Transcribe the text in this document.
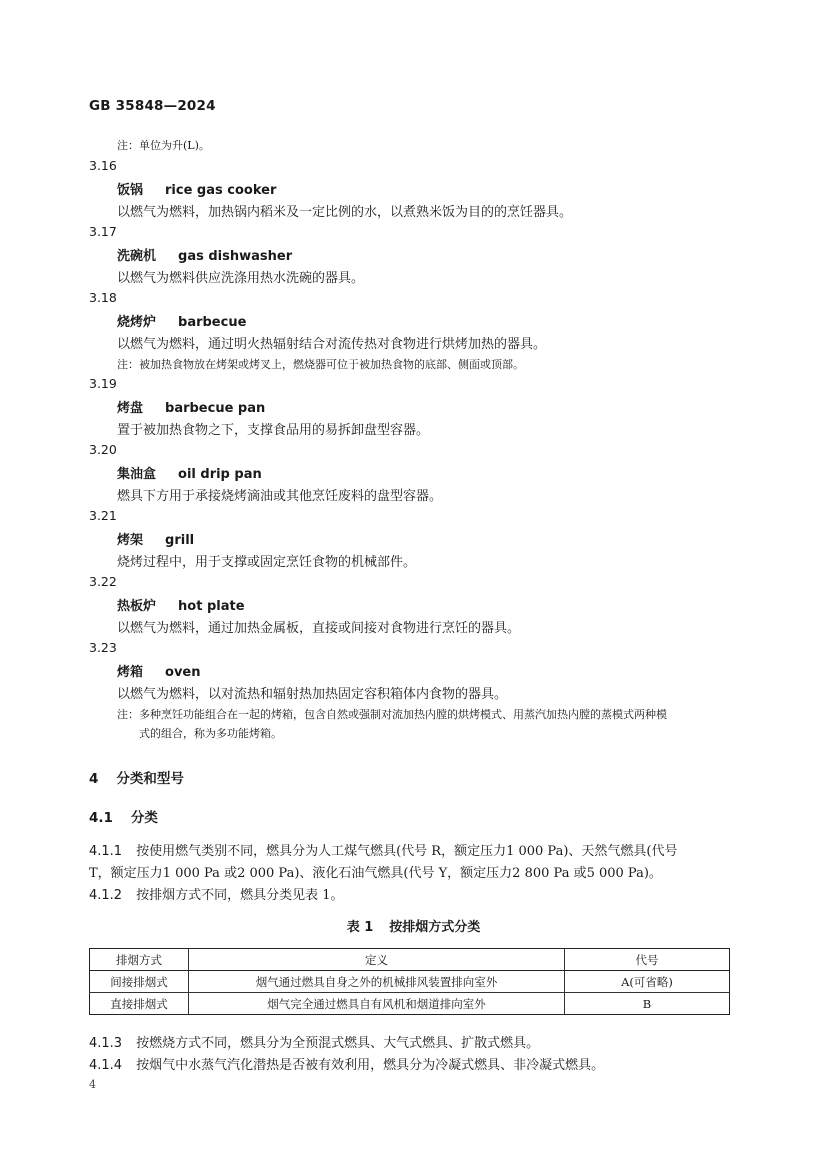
GB 35848—2024
注：单位为升(L)。
3.16
饭锅 rice gas cooker
以燃气为燃料，加热锅内稻米及一定比例的水，以煮熟米饭为目的的烹饪器具。
3.17
洗碗机 gas dishwasher
以燃气为燃料供应洗涤用热水洗碗的器具。
3.18
烧烤炉 barbecue
以燃气为燃料，通过明火热辐射结合对流传热对食物进行烘烤加热的器具。
注：被加热食物放在烤架或烤叉上，燃烧器可位于被加热食物的底部、侧面或顶部。
3.19
烤盘 barbecue pan
置于被加热食物之下，支撑食品用的易拆卸盘型容器。
3.20
集油盒 oil drip pan
燃具下方用于承接烧烤滴油或其他烹饪废料的盘型容器。
3.21
烤架 grill
烧烤过程中，用于支撑或固定烹饪食物的机械部件。
3.22
热板炉 hot plate
以燃气为燃料，通过加热金属板，直接或间接对食物进行烹饪的器具。
3.23
烤箱 oven
以燃气为燃料，以对流热和辐射热加热固定容积箱体内食物的器具。
注：多种烹饪功能组合在一起的烤箱，包含自然或强制对流加热内膛的烘烤模式、用蒸汽加热内膛的蒸模式两种模
式的组合，称为多功能烤箱。
4 分类和型号
4.1 分类
4.1.1 按使用燃气类别不同，燃具分为人工煤气燃具(代号 R，额定压力1 000 Pa)、天然气燃具(代号
T，额定压力1 000 Pa 或2 000 Pa)、液化石油气燃具(代号 Y，额定压力2 800 Pa 或5 000 Pa)。
4.1.2 按排烟方式不同，燃具分类见表 1。
表 1 按排烟方式分类
排烟方式	定义	代号
间接排烟式	烟气通过燃具自身之外的机械排风装置排向室外	A(可省略)
直接排烟式	烟气完全通过燃具自有风机和烟道排向室外	B
4.1.3 按燃烧方式不同，燃具分为全预混式燃具、大气式燃具、扩散式燃具。
4.1.4 按烟气中水蒸气汽化潜热是否被有效利用，燃具分为冷凝式燃具、非冷凝式燃具。
4
